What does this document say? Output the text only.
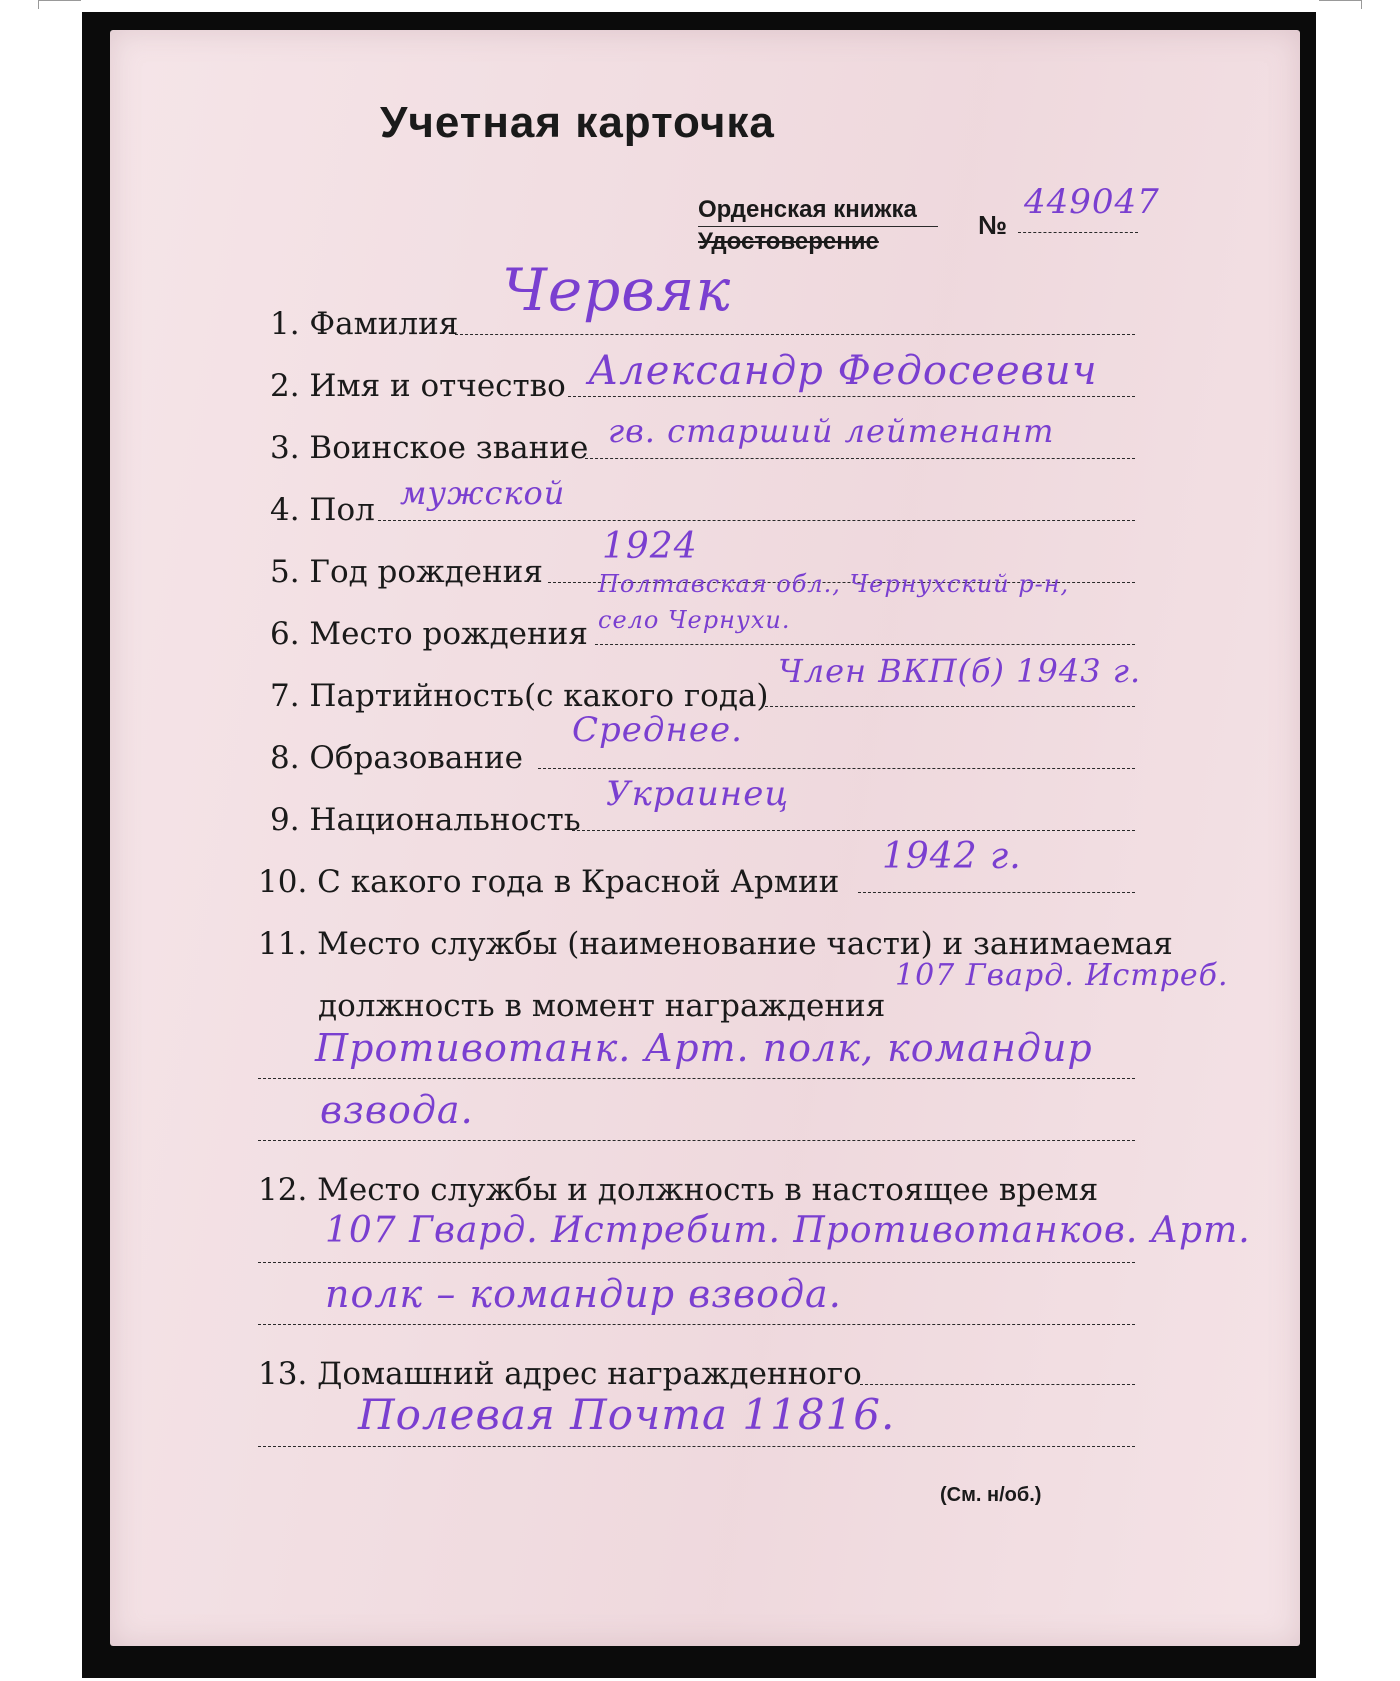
Учетная карточка
Орденская книжка
Удостоверение
№
449047
1. Фамилия Червяк
2. Имя и отчество Александр Федосеевич
3. Воинское звание гв. старший лейтенант
4. Пол мужской
5. Год рождения
1924
6. Место рождения
Полтавская обл., Чернухский р-н,
село Чернухи.
7. Партийность(с какого года)
Член ВКП(б) 1943 г.
8. Образование
Среднее.
9. Национальность
Украинец
10. С какого года в Красной Армии
1942 г.
11. Место службы (наименование части) и занимаемая
должность в момент награждения
107 Гвард. Истреб.
Противотанк. Арт. полк, командир
взвода.
12. Место службы и должность в настоящее время
107 Гвард. Истребит. Противотанков. Арт.
полк – командир взвода.
13. Домашний адрес награжденного
Полевая Почта 11816.
(См. н/об.)
